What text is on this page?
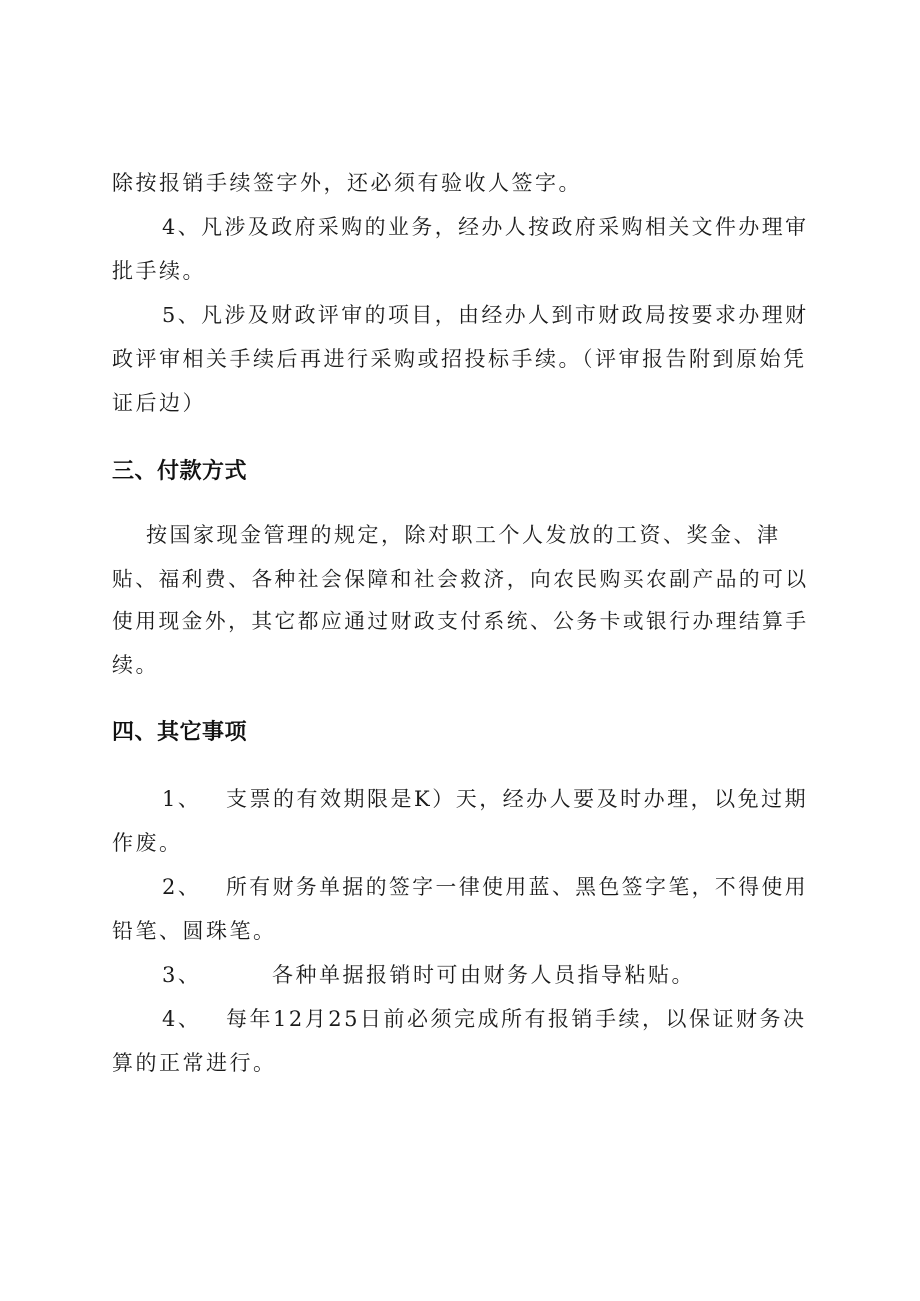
除按报销手续签字外，还必须有验收人签字。
4、凡涉及政府采购的业务，经办人按政府采购相关文件办理审
批手续。
5、凡涉及财政评审的项目，由经办人到市财政局按要求办理财
政评审相关手续后再进行采购或招投标手续。（评审报告附到原始凭
证后边）
三、付款方式
按国家现金管理的规定，除对职工个人发放的工资、奖金、津
贴、福利费、各种社会保障和社会救济，向农民购买农副产品的可以
使用现金外，其它都应通过财政支付系统、公务卡或银行办理结算手
续。
四、其它事项
1、 支票的有效期限是K）天，经办人要及时办理，以免过期
作废。
2、 所有财务单据的签字一律使用蓝、黑色签字笔，不得使用
铅笔、圆珠笔。
3、	各种单据报销时可由财务人员指导粘贴。
4、 每年12月25日前必须完成所有报销手续，以保证财务决
算的正常进行。
